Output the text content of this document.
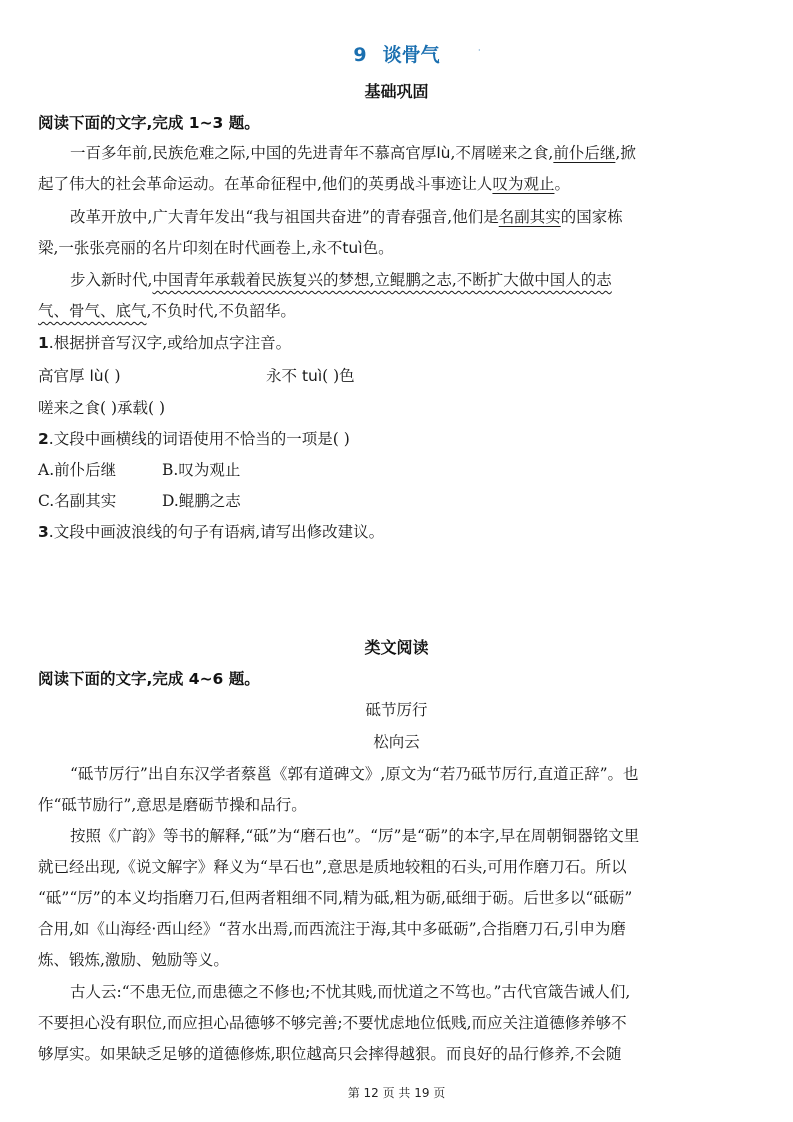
9 谈骨气	·
基础巩固
阅读下面的文字,完成 1~3 题。
一百多年前,民族危难之际,中国的先进青年不慕高官厚lù,不屑嗟来之食,前仆后继,掀
起了伟大的社会革命运动。在革命征程中,他们的英勇战斗事迹让人叹为观止。
改革开放中,广大青年发出“我与祖国共奋进”的青春强音,他们是名副其实的国家栋
梁,一张张亮丽的名片印刻在时代画卷上,永不tuì色。
步入新时代,中国青年承载着民族复兴的梦想,立鲲鹏之志,不断扩大做中国人的志
气、骨气、底气,不负时代,不负韶华。
1.根据拼音写汉字,或给加点字注音。
高官厚 lù( )	永不 tuì( )色
嗟来之食( )承载( )
2.文段中画横线的词语使用不恰当的一项是( )
A.前仆后继	B.叹为观止
C.名副其实	D.鲲鹏之志
3.文段中画波浪线的句子有语病,请写出修改建议。
类文阅读
阅读下面的文字,完成 4~6 题。
砥节厉行
松向云
“砥节厉行”出自东汉学者蔡邕《郭有道碑文》,原文为“若乃砥节厉行,直道正辞”。也
作“砥节励行”,意思是磨砺节操和品行。
按照《广韵》等书的解释,“砥”为“磨石也”。“厉”是“砺”的本字,早在周朝铜器铭文里
就已经出现,《说文解字》释义为“旱石也”,意思是质地较粗的石头,可用作磨刀石。所以
“砥”“厉”的本义均指磨刀石,但两者粗细不同,精为砥,粗为砺,砥细于砺。后世多以“砥砺”
合用,如《山海经·西山经》“苕水出焉,而西流注于海,其中多砥砺”,合指磨刀石,引申为磨
炼、锻炼,激励、勉励等义。
古人云:“不患无位,而患德之不修也;不忧其贱,而忧道之不笃也。”古代官箴告诫人们,
不要担心没有职位,而应担心品德够不够完善;不要忧虑地位低贱,而应关注道德修养够不
够厚实。如果缺乏足够的道德修炼,职位越高只会摔得越狠。而良好的品行修养,不会随
第 12 页 共 19 页
